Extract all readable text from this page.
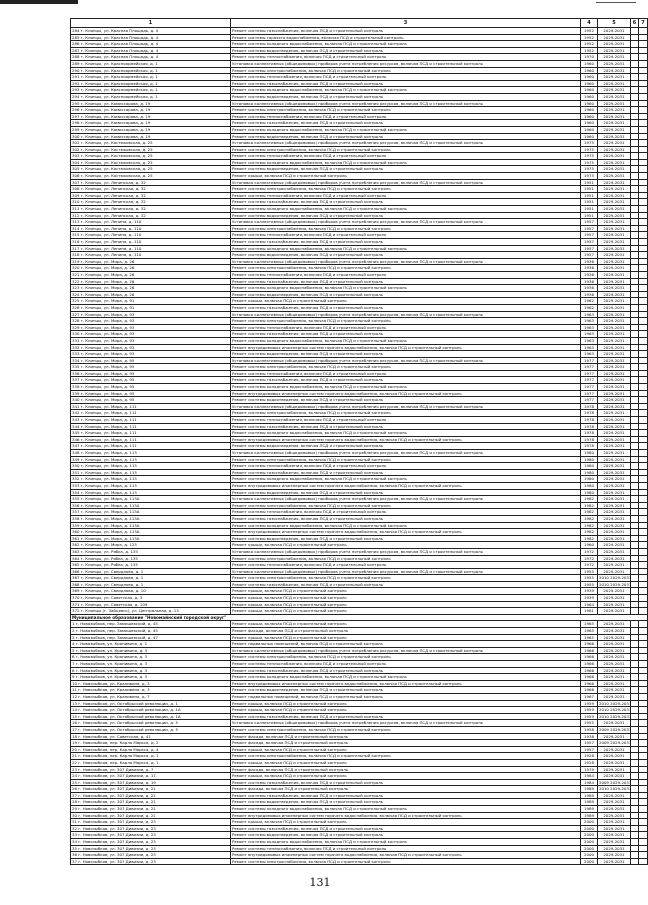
1		3	4	5	6	7
284 г. Клинцы, ул. Красная Площадь, д. 4	Ремонт системы газоснабжения, включая ПСД и строительный контроль	1952	2029-2031		
285 г. Клинцы, ул. Красная Площадь, д. 4	Ремонт системы горячего водоснабжения, включая ПСД и строительный контроль	1952	2029-2031		
286 г. Клинцы, ул. Красная Площадь, д. 4	Ремонт системы холодного водоснабжения, включая ПСД и строительный контроль	1952	2029-2031		
287 г. Клинцы, ул. Красная Площадь, д. 4	Ремонт системы водоотведения, включая ПСД и строительный контроль	1952	2029-2031		
288 г. Клинцы, ул. Красная Площадь, д. 4	Ремонт системы теплоснабжения, включая ПСД и строительный контроль	1970	2029-2031		
289 г. Клинцы, ул. Красноармейская, д. 1	Установка коллективных (общедомовых) приборов учета потребления ресурсов, включая ПСД и строительный контроль	1960	2029-2031		
290 г. Клинцы, ул. Красноармейская, д. 1	Ремонт системы электроснабжения, включая ПСД и строительный контроль	1960	2029-2031		
291 г. Клинцы, ул. Красноармейская, д. 1	Ремонт системы теплоснабжения, включая ПСД и строительный контроль	1960	2029-2031		
292 г. Клинцы, ул. Красноармейская, д. 1	Ремонт системы газоснабжения, включая ПСД и строительный контроль	1960	2029-2031		
293 г. Клинцы, ул. Красноармейская, д. 1	Ремонт системы холодного водоснабжения, включая ПСД и строительный контроль	1960	2029-2031		
294 г. Клинцы, ул. Красноармейская, д. 1	Ремонт системы водоотведения, включая ПСД и строительный контроль	1960	2029-2031		
295 г. Клинцы, ул. Комиссарова, д. 19	Установка коллективных (общедомовых) приборов учета потребления ресурсов, включая ПСД и строительный контроль	1960	2029-2031		
296 г. Клинцы, ул. Комиссарова, д. 19	Ремонт системы электроснабжения, включая ПСД и строительный контроль	1960	2029-2031		
297 г. Клинцы, ул. Комиссарова, д. 19	Ремонт системы теплоснабжения, включая ПСД и строительный контроль	1960	2029-2031		
298 г. Клинцы, ул. Комиссарова, д. 19	Ремонт системы газоснабжения, включая ПСД и строительный контроль	1960	2029-2031		
299 г. Клинцы, ул. Комиссарова, д. 19	Ремонт системы холодного водоснабжения, включая ПСД и строительный контроль	1960	2029-2031		
300 г. Клинцы, ул. Комиссарова, д. 19	Ремонт системы водоотведения, включая ПСД и строительный контроль	1960	2029-2031		
301 г. Клинцы, ул. Костюковская, д. 25	Установка коллективных (общедомовых) приборов учета потребления ресурсов, включая ПСД и строительный контроль	1975	2029-2031		
302 г. Клинцы, ул. Костюковская, д. 25	Ремонт системы электроснабжения, включая ПСД и строительный контроль	1975	2029-2031		
303 г. Клинцы, ул. Костюковская, д. 25	Ремонт системы теплоснабжения, включая ПСД и строительный контроль	1975	2029-2031		
304 г. Клинцы, ул. Костюковская, д. 25	Ремонт системы холодного водоснабжения, включая ПСД и строительный контроль	1975	2029-2031		
305 г. Клинцы, ул. Костюковская, д. 25	Ремонт системы водоотведения, включая ПСД и строительный контроль	1975	2029-2031		
306 г. Клинцы, ул. Костюковская, д. 25	Ремонт крыши, включая ПСД и строительный контроль	1975	2029-2031		
307 г. Клинцы, ул. Ленинская, д. 32	Установка коллективных (общедомовых) приборов учета потребления ресурсов, включая ПСД и строительный контроль	1951	2029-2031		
308 г. Клинцы, ул. Ленинская, д. 32	Ремонт системы электроснабжения, включая ПСД и строительный контроль	1951	2029-2031		
309 г. Клинцы, ул. Ленинская, д. 32	Ремонт системы теплоснабжения, включая ПСД и строительный контроль	1951	2029-2031		
310 г. Клинцы, ул. Ленинская, д. 32	Ремонт системы газоснабжения, включая ПСД и строительный контроль	1951	2029-2031		
311 г. Клинцы, ул. Ленинская, д. 32	Ремонт системы холодного водоснабжения, включая ПСД и строительный контроль	1951	2029-2031		
312 г. Клинцы, ул. Ленинская, д. 32	Ремонт системы водоотведения, включая ПСД и строительный контроль	1951	2029-2031		
313 г. Клинцы, ул. Ленина, д. 110	Установка коллективных (общедомовых) приборов учета потребления ресурсов, включая ПСД и строительный контроль	1957	2029-2031		
314 г. Клинцы, ул. Ленина, д. 110	Ремонт системы электроснабжения, включая ПСД и строительный контроль	1957	2029-2031		
315 г. Клинцы, ул. Ленина, д. 110	Ремонт системы теплоснабжения, включая ПСД и строительный контроль	1957	2029-2031		
316 г. Клинцы, ул. Ленина, д. 110	Ремонт системы газоснабжения, включая ПСД и строительный контроль	1957	2029-2031		
317 г. Клинцы, ул. Ленина, д. 110	Ремонт системы холодного водоснабжения, включая ПСД и строительный контроль	1957	2029-2031		
318 г. Клинцы, ул. Ленина, д. 110	Ремонт системы водоотведения, включая ПСД и строительный контроль	1957	2029-2031		
319 г. Клинцы, ул. Мира, д. 26	Установка коллективных (общедомовых) приборов учета потребления ресурсов, включая ПСД и строительный контроль	1936	2029-2031		
320 г. Клинцы, ул. Мира, д. 26	Ремонт системы электроснабжения, включая ПСД и строительный контроль	1936	2029-2031		
321 г. Клинцы, ул. Мира, д. 26	Ремонт системы теплоснабжения, включая ПСД и строительный контроль	1936	2029-2031		
322 г. Клинцы, ул. Мира, д. 26	Ремонт системы газоснабжения, включая ПСД и строительный контроль	1936	2029-2031		
323 г. Клинцы, ул. Мира, д. 26	Ремонт системы холодного водоснабжения, включая ПСД и строительный контроль	1936	2029-2031		
324 г. Клинцы, ул. Мира, д. 26	Ремонт системы водоотведения, включая ПСД и строительный контроль	1936	2029-2031		
325 г. Клинцы, ул. Мира, д. 91	Ремонт крыши, включая ПСД и строительный контроль	1962	2029-2031		
326 г. Клинцы, ул. Мира, д. 91	Ремонт системы газоснабжения, включая ПСД и строительный контроль	1962	2029-2031		
327 г. Клинцы, ул. Мира, д. 93	Установка коллективных (общедомовых) приборов учета потребления ресурсов, включая ПСД и строительный контроль	1963	2029-2031		
328 г. Клинцы, ул. Мира, д. 93	Ремонт системы электроснабжения, включая ПСД и строительный контроль	1963	2029-2031		
329 г. Клинцы, ул. Мира, д. 93	Ремонт системы теплоснабжения, включая ПСД и строительный контроль	1963	2029-2031		
330 г. Клинцы, ул. Мира, д. 93	Ремонт системы газоснабжения, включая ПСД и строительный контроль	1963	2029-2031		
331 г. Клинцы, ул. Мира, д. 93	Ремонт системы холодного водоснабжения, включая ПСД и строительный контроль	1963	2029-2031		
332 г. Клинцы, ул. Мира, д. 93	Ремонт внутридомовых инженерных систем горячего водоснабжения, включая ПСД и строительный контроль	1963	2029-2031		
333 г. Клинцы, ул. Мира, д. 93	Ремонт системы водоотведения, включая ПСД и строительный контроль	1963	2029-2031		
334 г. Клинцы, ул. Мира, д. 95	Установка коллективных (общедомовых) приборов учета потребления ресурсов, включая ПСД и строительный контроль	1977	2029-2031		
335 г. Клинцы, ул. Мира, д. 95	Ремонт системы электроснабжения, включая ПСД и строительный контроль	1977	2029-2031		
336 г. Клинцы, ул. Мира, д. 95	Ремонт системы теплоснабжения, включая ПСД и строительный контроль	1977	2029-2031		
337 г. Клинцы, ул. Мира, д. 95	Ремонт системы газоснабжения, включая ПСД и строительный контроль	1977	2029-2031		
338 г. Клинцы, ул. Мира, д. 95	Ремонт системы холодного водоснабжения, включая ПСД и строительный контроль	1977	2029-2031		
339 г. Клинцы, ул. Мира, д. 95	Ремонт внутридомовых инженерных систем горячего водоснабжения, включая ПСД и строительный контроль	1977	2029-2031		
340 г. Клинцы, ул. Мира, д. 95	Ремонт системы водоотведения, включая ПСД и строительный контроль	1977	2029-2031		
341 г. Клинцы, ул. Мира, д. 111	Установка коллективных (общедомовых) приборов учета потребления ресурсов, включая ПСД и строительный контроль	1978	2029-2031		
342 г. Клинцы, ул. Мира, д. 111	Ремонт системы электроснабжения, включая ПСД и строительный контроль	1978	2029-2031		
343 г. Клинцы, ул. Мира, д. 111	Ремонт системы теплоснабжения, включая ПСД и строительный контроль	1978	2029-2031		
344 г. Клинцы, ул. Мира, д. 111	Ремонт системы газоснабжения, включая ПСД и строительный контроль	1978	2029-2031		
345 г. Клинцы, ул. Мира, д. 111	Ремонт системы холодного водоснабжения, включая ПСД и строительный контроль	1978	2029-2031		
346 г. Клинцы, ул. Мира, д. 111	Ремонт внутридомовых инженерных систем горячего водоснабжения, включая ПСД и строительный контроль	1978	2029-2031		
347 г. Клинцы, ул. Мира, д. 111	Ремонт системы водоотведения, включая ПСД и строительный контроль	1978	2029-2031		
348 г. Клинцы, ул. Мира, д. 113	Установка коллективных (общедомовых) приборов учета потребления ресурсов, включая ПСД и строительный контроль	1980	2029-2031		
349 г. Клинцы, ул. Мира, д. 113	Ремонт системы электроснабжения, включая ПСД и строительный контроль	1980	2029-2031		
350 г. Клинцы, ул. Мира, д. 113	Ремонт системы теплоснабжения, включая ПСД и строительный контроль	1980	2029-2031		
351 г. Клинцы, ул. Мира, д. 113	Ремонт системы газоснабжения, включая ПСД и строительный контроль	1980	2029-2031		
352 г. Клинцы, ул. Мира, д. 113	Ремонт системы холодного водоснабжения, включая ПСД и строительный контроль	1980	2029-2031		
353 г. Клинцы, ул. Мира, д. 113	Ремонт внутридомовых инженерных систем горячего водоснабжения, включая ПСД и строительный контроль	1980	2029-2031		
354 г. Клинцы, ул. Мира, д. 113	Ремонт системы водоотведения, включая ПСД и строительный контроль	1980	2029-2031		
355 г. Клинцы, ул. Мира, д. 113А	Установка коллективных (общедомовых) приборов учета потребления ресурсов, включая ПСД и строительный контроль	1982	2029-2031		
356 г. Клинцы, ул. Мира, д. 113А	Ремонт системы электроснабжения, включая ПСД и строительный контроль	1982	2029-2031		
357 г. Клинцы, ул. Мира, д. 113А	Ремонт системы теплоснабжения, включая ПСД и строительный контроль	1982	2029-2031		
358 г. Клинцы, ул. Мира, д. 113А	Ремонт системы газоснабжения, включая ПСД и строительный контроль	1982	2029-2031		
359 г. Клинцы, ул. Мира, д. 113А	Ремонт системы холодного водоснабжения, включая ПСД и строительный контроль	1982	2029-2031		
360 г. Клинцы, ул. Мира, д. 113А	Ремонт внутридомовых инженерных систем горячего водоснабжения, включая ПСД и строительный контроль	1982	2029-2031		
361 г. Клинцы, ул. Мира, д. 113А	Ремонт системы водоотведения, включая ПСД и строительный контроль	1982	2029-2031		
362 г. Клинцы, ул. Мира, д. 123	Ремонт крыши, включая ПСД и строительный контроль	1960	2029-2031		
363 г. Клинцы, ул. Рябка, д. 135	Установка коллективных (общедомовых) приборов учета потребления ресурсов, включая ПСД и строительный контроль	1972	2029-2031		
364 г. Клинцы, ул. Рябка, д. 135	Ремонт системы электроснабжения, включая ПСД и строительный контроль	1972	2029-2031		
365 г. Клинцы, ул. Рябка, д. 135	Ремонт системы теплоснабжения, включая ПСД и строительный контроль	1972	2029-2031		
366 г. Клинцы, ул. Свердлова, д. 1	Установка коллективных (общедомовых) приборов учета потребления ресурсов, включая ПСД и строительный контроль	1955	2029-2031		
367 г. Клинцы, ул. Свердлова, д. 1	Ремонт системы электроснабжения, включая ПСД и строительный контроль	1955	2010 2029-2031		
368 г. Клинцы, ул. Свердлова, д. 1	Ремонт системы газоснабжения, включая ПСД и строительный контроль	1955	2010 2029-2031		
369 г. Клинцы, ул. Свердлова, д. 10	Ремонт крыши, включая ПСД и строительный контроль	1939	2029-2031		
370 г. Клинцы, ул. Советская, д. 3	Ремонт крыши, включая ПСД и строительный контроль	1939	2029-2031		
371 г. Клинцы, ул. Советская, д. 109	Ремонт крыши, включая ПСД и строительный контроль	1964	2029-2031		
372 г. Клинцы (г. Зайцевск), ул. Центральная, д. 13	Ремонт крыши, включая ПСД и строительный контроль	1981	2029-2031		
Муниципальное образование "Новомайнский городской округ"					
1 г. Новозыбков, пер. Замишевский, д. 45	Ремонт крыши, включая ПСД и строительный контроль	1965	2029-2031		
2 г. Новозыбков, пер. Замишевский, д. 45	Ремонт фасада, включая ПСД и строительный контроль	1965	2029-2031		
3 г. Новозыбков, пер. Замишевский, д. 47	Ремонт крыши, включая ПСД и строительный контроль	1965	2029-2031		
4 г. Новозыбков, ул. Крапивина, д. 1	Ремонт подвальных помещений, включая ПСД и строительный контроль	1966	2029-2031		
5 г. Новозыбков, ул. Крапивина, д. 3	Установка коллективных (общедомовых) приборов учета потребления ресурсов, включая ПСД и строительный контроль	1966	2029-2031		
6 г. Новозыбков, ул. Крапивина, д. 3	Ремонт системы электроснабжения, включая ПСД и строительный контроль	1966	2029-2031		
7 г. Новозыбков, ул. Крапивина, д. 3	Ремонт системы теплоснабжения, включая ПСД и строительный контроль	1966	2029-2031		
8 г. Новозыбков, ул. Крапивина, д. 3	Ремонт системы газоснабжения, включая ПСД и строительный контроль	1966	2029-2031		
9 г. Новозыбков, ул. Крапивина, д. 3	Ремонт системы холодного водоснабжения, включая ПСД и строительный контроль	1966	2029-2031		
10 г. Новозыбков, ул. Крапивина, д. 3	Ремонт внутридомовых инженерных систем горячего водоснабжения, включая ПСД и строительный контроль	1966	2029-2031		
11 г. Новозыбков, ул. Крапивина, д. 3	Ремонт системы водоотведения, включая ПСД и строительный контроль	1966	2029-2031		
12 г. Новозыбков, ул. Крапивина, д. 7	Ремонт подвальных помещений, включая ПСД и строительный контроль	1967	2029-2031		
13 г. Новозыбков, ул. Октябрьской революции, д. 1	Ремонт крыши, включая ПСД и строительный контроль	1959	2010 2029-2031		
14 г. Новозыбков, ул. Октябрьской революции, д. 1А	Ремонт крыши, включая ПСД и строительный контроль	1959	2010 2029-2031		
15 г. Новозыбков, ул. Октябрьской революции, д. 1А	Ремонт системы газоснабжения, включая ПСД и строительный контроль	1959	2010 2029-2031		
16 г. Новозыбков, ул. Октябрьской революции, д. 5	Установка коллективных (общедомовых) приборов учета потребления ресурсов, включая ПСД и строительный контроль	1955	2029-2031		
17 г. Новозыбков, ул. Октябрьской революции, д. 5	Ремонт системы электроснабжения, включая ПСД и строительный контроль	1958	2009 2029-2031		
18 г. Новозыбков, ул. Советская, д. 41	Ремонт фасада, включая ПСД и строительный контроль	1938	2029-2031		
19 г. Новозыбков, пер. Карла Маркса, д. 2	Ремонт фасада, включая ПСД и строительный контроль	1957	2009 2029-2031		
20 г. Новозыбков, пер. Карла Маркса, д. 4	Ремонт крыши, включая ПСД и строительный контроль	1957	2029-2031		
21 г. Новозыбков, пер. Карла Маркса, д. 1	Ремонт системы электроснабжения, включая ПСД и строительный контроль	1928	2029-2031		
22 г. Новозыбков, пер. Карла Маркса, д. 1	Ремонт крыши, включая ПСД и строительный контроль	1928	2029-2031		
23 г. Новозыбков, ул. 307 Дивизии, д. 7	Ремонт фасада, включая ПСД и строительный контроль	1979	2029-2031		
24 г. Новозыбков, ул. 307 Дивизии, д. 17	Ремонт крыши, включая ПСД и строительный контроль	1984	2029-2031		
25 г. Новозыбков, ул. 307 Дивизии, д. 19	Ремонт системы газоснабжения, включая ПСД и строительный контроль	1984	2009 2029-2031		
26 г. Новозыбков, ул. 307 Дивизии, д. 21	Ремонт фасада, включая ПСД и строительный контроль	1989	2010 2029-2031		
27 г. Новозыбков, ул. 307 Дивизии, д. 21	Ремонт системы газоснабжения, включая ПСД и строительный контроль	1989	2029-2031		
28 г. Новозыбков, ул. 307 Дивизии, д. 21	Ремонт системы водоотведения, включая ПСД и строительный контроль	1989	2029-2031		
29 г. Новозыбков, ул. 307 Дивизии, д. 21	Ремонт системы холодного водоснабжения, включая ПСД и строительный контроль	1989	2029-2031		
30 г. Новозыбков, ул. 307 Дивизии, д. 21	Ремонт внутридомовых инженерных систем горячего водоснабжения, включая ПСД и строительный контроль	1989	2029-2031		
31 г. Новозыбков, ул. 307 Дивизии, д. 23	Ремонт крыши, включая ПСД и строительный контроль	2000	2029-2031		
32 г. Новозыбков, ул. 307 Дивизии, д. 23	Ремонт системы газоснабжения, включая ПСД и строительный контроль	2000	2029-2031		
33 г. Новозыбков, ул. 307 Дивизии, д. 23	Ремонт системы водоотведения, включая ПСД и строительный контроль	2000	2029-2031		
34 г. Новозыбков, ул. 307 Дивизии, д. 23	Ремонт системы холодного водоснабжения, включая ПСД и строительный контроль	2000	2029-2031		
35 г. Новозыбков, ул. 307 Дивизии, д. 23	Ремонт системы теплоснабжения, включая ПСД и строительный контроль	2000	2029-2031		
36 г. Новозыбков, ул. 307 Дивизии, д. 23	Ремонт внутридомовых инженерных систем горячего водоснабжения, включая ПСД и строительный контроль	2000	2029-2031		
37 г. Новозыбков, ул. 307 Дивизии, д. 23	Ремонт системы электроснабжения, включая ПСД и строительный контроль	2000	2029-2031		
131
